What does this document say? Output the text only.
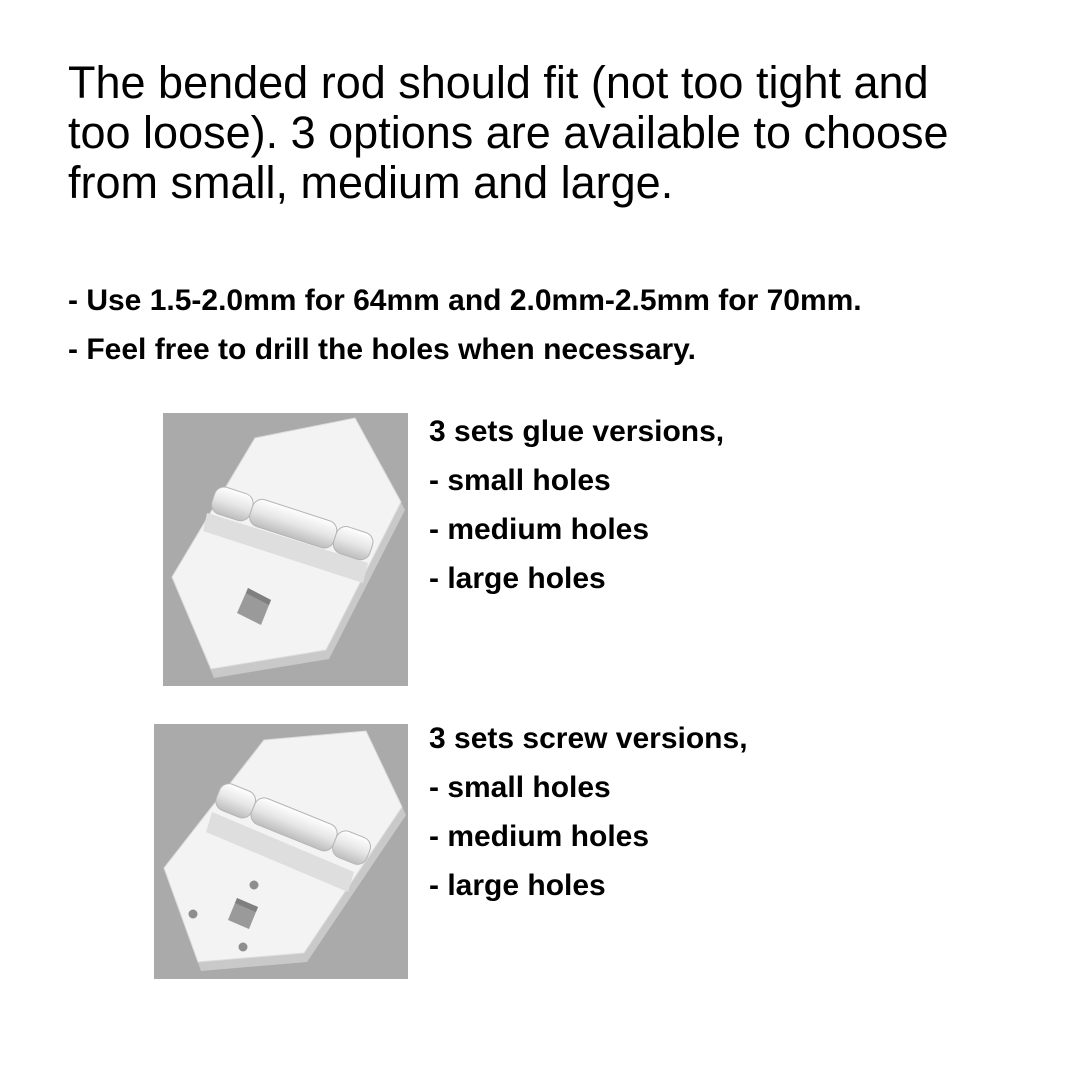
The bended rod should fit (not too tight and
too loose). 3 options are available to choose
from small, medium and large.
- Use 1.5-2.0mm for 64mm and 2.0mm-2.5mm for 70mm.
- Feel free to drill the holes when necessary.
3 sets glue versions,
- small holes
- medium holes
- large holes
3 sets screw versions,
- small holes
- medium holes
- large holes
